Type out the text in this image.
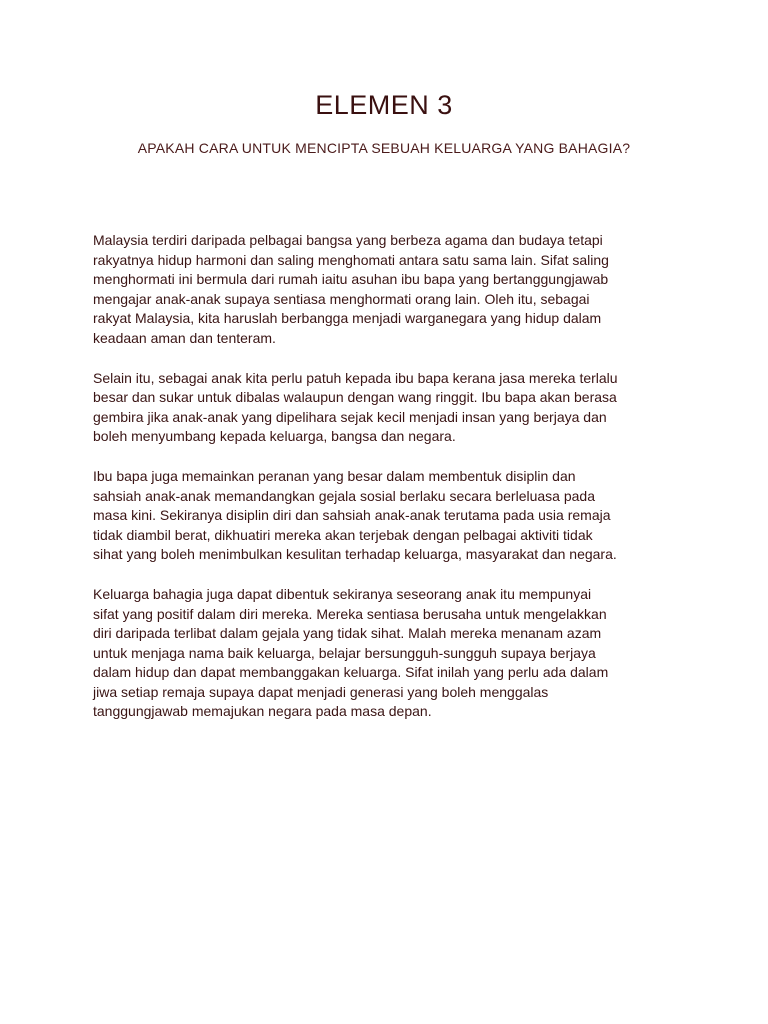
ELEMEN 3
APAKAH CARA UNTUK MENCIPTA SEBUAH KELUARGA YANG BAHAGIA?

Malaysia terdiri daripada pelbagai bangsa yang berbeza agama dan budaya tetapi
rakyatnya hidup harmoni dan saling menghomati antara satu sama lain. Sifat saling
menghormati ini bermula dari rumah iaitu asuhan ibu bapa yang bertanggungjawab
mengajar anak-anak supaya sentiasa menghormati orang lain. Oleh itu, sebagai
rakyat Malaysia, kita haruslah berbangga menjadi warganegara yang hidup dalam
keadaan aman dan tenteram.

Selain itu, sebagai anak kita perlu patuh kepada ibu bapa kerana jasa mereka terlalu
besar dan sukar untuk dibalas walaupun dengan wang ringgit. Ibu bapa akan berasa
gembira jika anak-anak yang dipelihara sejak kecil menjadi insan yang berjaya dan
boleh menyumbang kepada keluarga, bangsa dan negara.

Ibu bapa juga memainkan peranan yang besar dalam membentuk disiplin dan
sahsiah anak-anak memandangkan gejala sosial berlaku secara berleluasa pada
masa kini. Sekiranya disiplin diri dan sahsiah anak-anak terutama pada usia remaja
tidak diambil berat, dikhuatiri mereka akan terjebak dengan pelbagai aktiviti tidak
sihat yang boleh menimbulkan kesulitan terhadap keluarga, masyarakat dan negara.

Keluarga bahagia juga dapat dibentuk sekiranya seseorang anak itu mempunyai
sifat yang positif dalam diri mereka. Mereka sentiasa berusaha untuk mengelakkan
diri daripada terlibat dalam gejala yang tidak sihat. Malah mereka menanam azam
untuk menjaga nama baik keluarga, belajar bersungguh-sungguh supaya berjaya
dalam hidup dan dapat membanggakan keluarga. Sifat inilah yang perlu ada dalam
jiwa setiap remaja supaya dapat menjadi generasi yang boleh menggalas
tanggungjawab memajukan negara pada masa depan.
